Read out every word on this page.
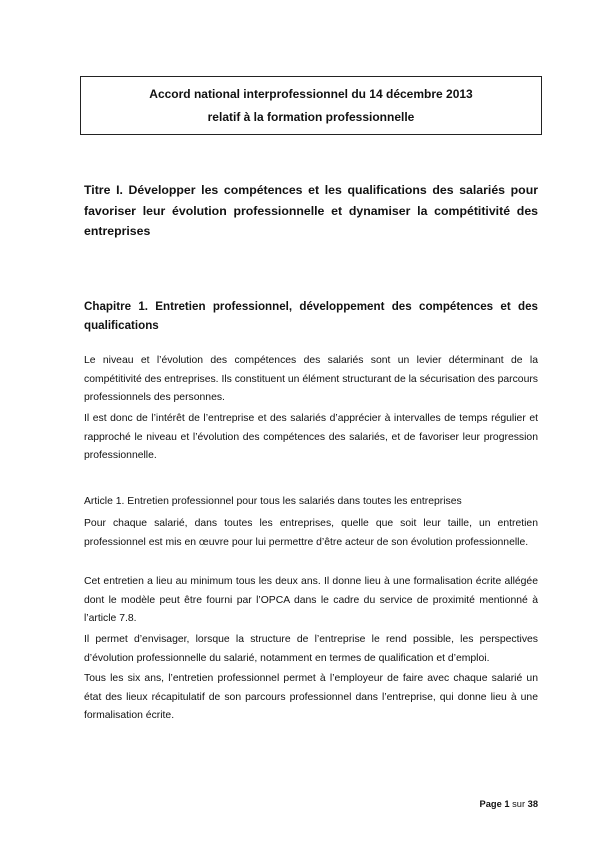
Accord national interprofessionnel du 14 décembre 2013
relatif à la formation professionnelle
Titre I. Développer les compétences et les qualifications des salariés pour favoriser leur évolution professionnelle et dynamiser la compétitivité des entreprises
Chapitre 1. Entretien professionnel, développement des compétences et des qualifications
Le niveau et l’évolution des compétences des salariés sont un levier déterminant de la compétitivité des entreprises. Ils constituent un élément structurant de la sécurisation des parcours professionnels des personnes.
Il est donc de l’intérêt de l’entreprise et des salariés d’apprécier à intervalles de temps régulier et rapproché le niveau et l’évolution des compétences des salariés, et de favoriser leur progression professionnelle.
Article 1. Entretien professionnel pour tous les salariés dans toutes les entreprises
Pour chaque salarié, dans toutes les entreprises, quelle que soit leur taille, un entretien professionnel est mis en œuvre pour lui permettre d’être acteur de son évolution professionnelle.
Cet entretien a lieu au minimum tous les deux ans. Il donne lieu à une formalisation écrite allégée dont le modèle peut être fourni par l’OPCA dans le cadre du service de proximité mentionné à l’article 7.8.
Il permet d’envisager, lorsque la structure de l’entreprise le rend possible, les perspectives d’évolution professionnelle du salarié, notamment en termes de qualification et d’emploi.
Tous les six ans, l’entretien professionnel permet à l’employeur de faire avec chaque salarié un état des lieux récapitulatif de son parcours professionnel dans l’entreprise, qui donne lieu à une formalisation écrite.
Page 1 sur 38
